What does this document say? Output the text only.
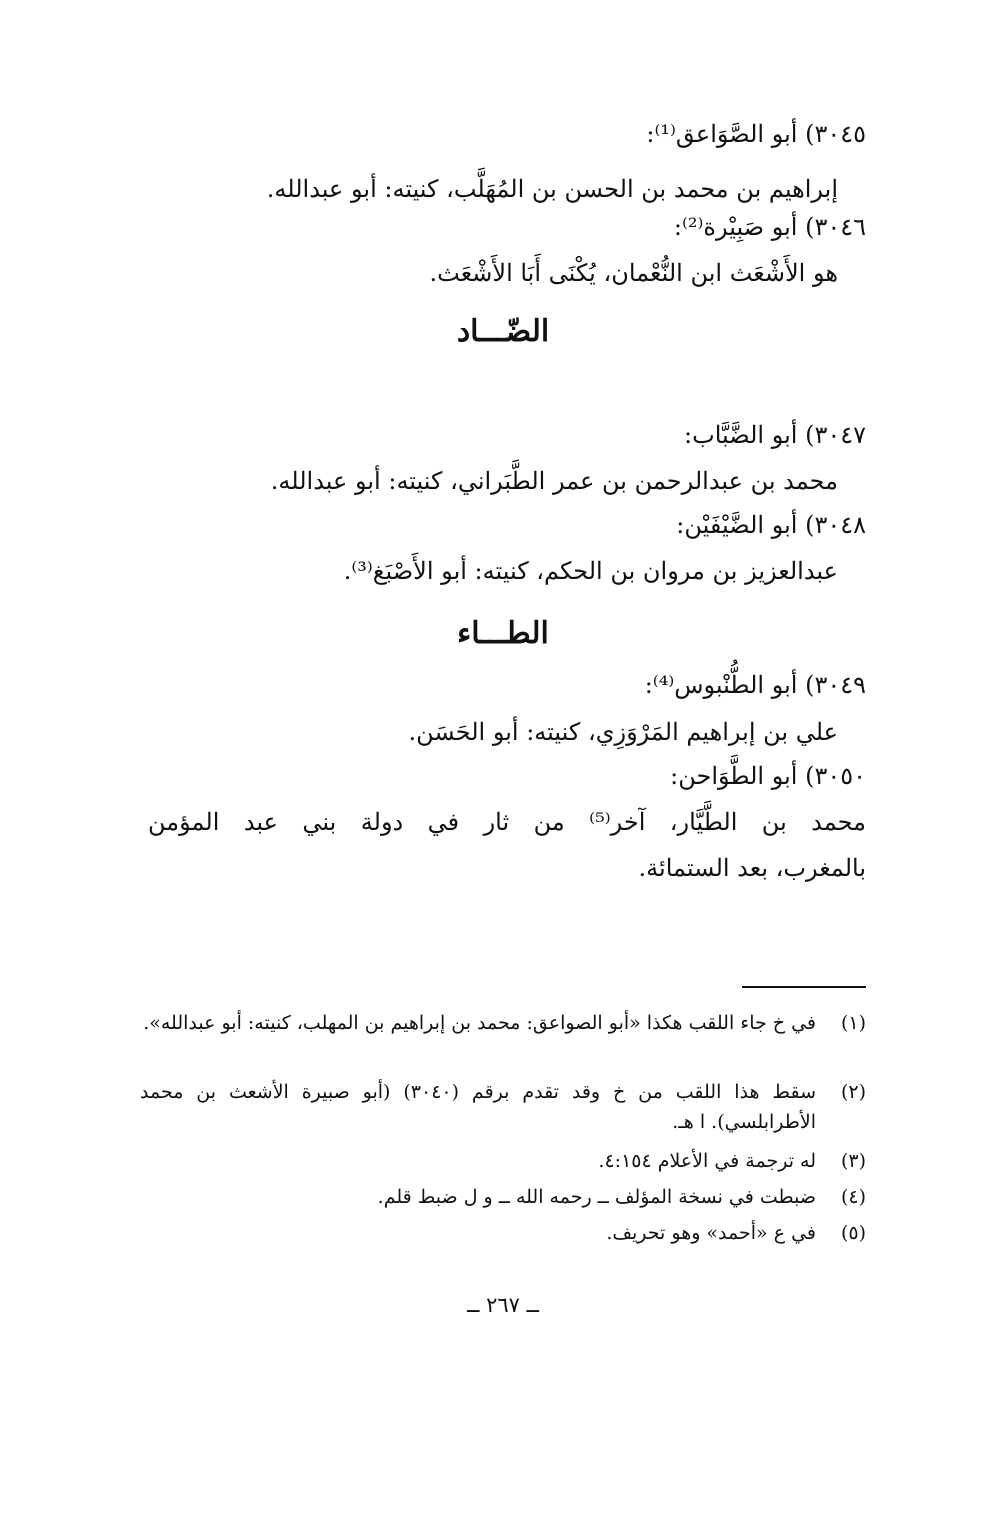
٣٠٤٥) أبو الصَّوَاعق⁽¹⁾:
إبراهيم بن محمد بن الحسن بن المُهَلَّب، كنيته: أبو عبدالله.
٣٠٤٦) أبو صَبِيْرة⁽²⁾:
هو الأَشْعَث ابن النُّعْمان، يُكْنَى أَبَا الأَشْعَث.
الضّـــاد
٣٠٤٧) أبو الضَّبَّاب:
محمد بن عبدالرحمن بن عمر الطَّبَراني، كنيته: أبو عبدالله.
٣٠٤٨) أبو الضَّيْفَيْن:
عبدالعزيز بن مروان بن الحكم، كنيته: أبو الأَصْبَغ⁽³⁾.
الطـــاء
٣٠٤٩) أبو الطُّنْبوس⁽⁴⁾:
علي بن إبراهيم المَرْوَزِي، كنيته: أبو الحَسَن.
٣٠٥٠) أبو الطَّوَاحن:
محمد بن الطَّيَّار، آخر⁽⁵⁾ من ثار في دولة بني عبد المؤمن
بالمغرب، بعد الستمائة.
(١)
في خ جاء اللقب هكذا «أبو الصواعق: محمد بن إبراهيم بن المهلب، كنيته: أبو عبدالله».
(٢)
سقط هذا اللقب من خ وقد تقدم برقم (٣٠٤٠) (أبو صبيرة الأشعث بن محمد الأطرابلسي). ا هـ.
(٣)
له ترجمة في الأعلام ٤:١٥٤.
(٤)
ضبطت في نسخة المؤلف ــ رحمه الله ــ و ل ضبط قلم.
(٥)
في ع «أحمد» وهو تحريف.
ــ ٢٦٧ ــ
